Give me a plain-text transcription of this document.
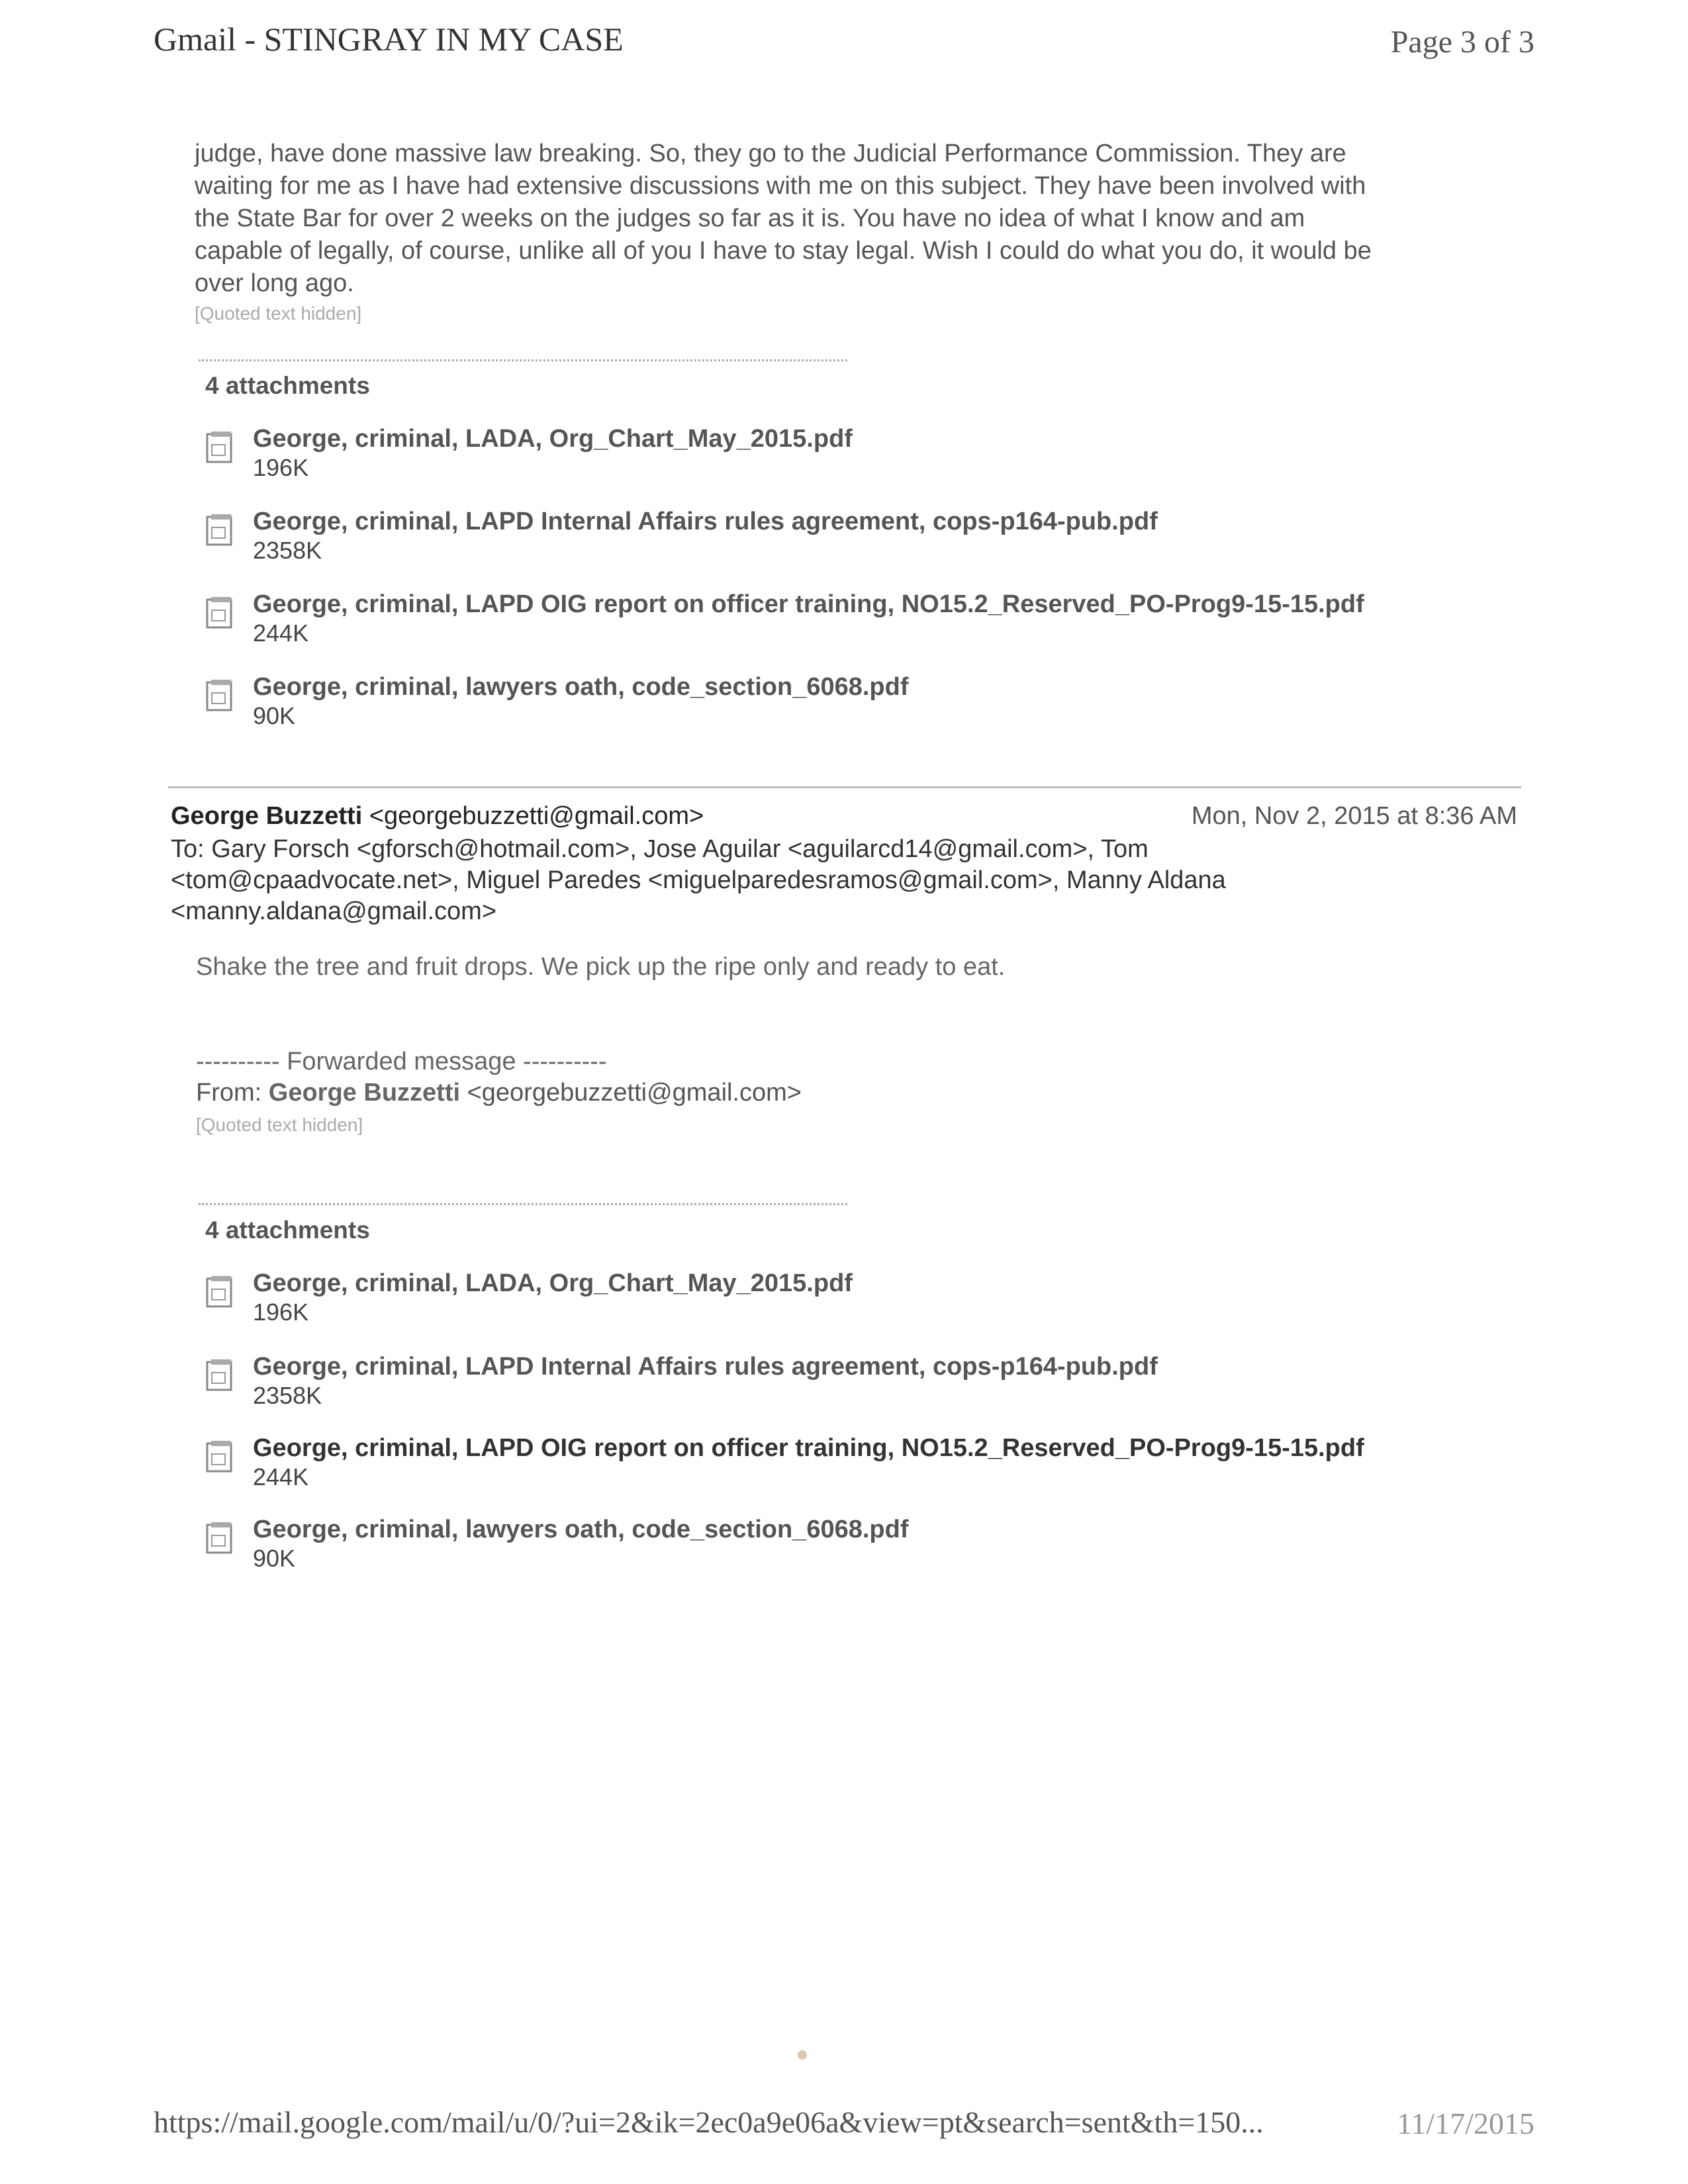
Gmail - STINGRAY IN MY CASE	Page 3 of 3
judge, have done massive law breaking. So, they go to the Judicial Performance Commission. They are
waiting for me as I have had extensive discussions with me on this subject. They have been involved with
the State Bar for over 2 weeks on the judges so far as it is. You have no idea of what I know and am
capable of legally, of course, unlike all of you I have to stay legal. Wish I could do what you do, it would be
over long ago.
[Quoted text hidden]
4 attachments
George, criminal, LADA, Org_Chart_May_2015.pdf
196K
George, criminal, LAPD Internal Affairs rules agreement, cops-p164-pub.pdf
2358K
George, criminal, LAPD OIG report on officer training, NO15.2_Reserved_PO-Prog9-15-15.pdf
244K
George, criminal, lawyers oath, code_section_6068.pdf
90K
George Buzzetti <georgebuzzetti@gmail.com>	Mon, Nov 2, 2015 at 8:36 AM
To: Gary Forsch <gforsch@hotmail.com>, Jose Aguilar <aguilarcd14@gmail.com>, Tom
<tom@cpaadvocate.net>, Miguel Paredes <miguelparedesramos@gmail.com>, Manny Aldana
<manny.aldana@gmail.com>
Shake the tree and fruit drops. We pick up the ripe only and ready to eat.
---------- Forwarded message ----------
From: George Buzzetti <georgebuzzetti@gmail.com>
[Quoted text hidden]
4 attachments
George, criminal, LADA, Org_Chart_May_2015.pdf
196K
George, criminal, LAPD Internal Affairs rules agreement, cops-p164-pub.pdf
2358K
George, criminal, LAPD OIG report on officer training, NO15.2_Reserved_PO-Prog9-15-15.pdf
244K
George, criminal, lawyers oath, code_section_6068.pdf
90K
https://mail.google.com/mail/u/0/?ui=2&ik=2ec0a9e06a&view=pt&search=sent&th=150...	11/17/2015
